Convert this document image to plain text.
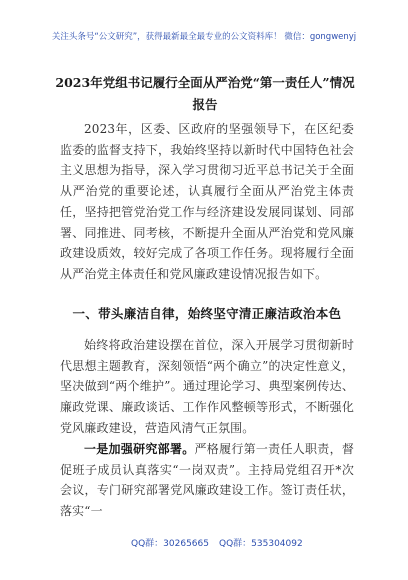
关注头条号“公文研究”，获得最新最全最专业的公文资料库！ 微信：gongwenyj
2023年党组书记履行全面从严治党“第一责任人”情况报告
2023年，区委、区政府的坚强领导下，在区纪委监委的监督支持下，我始终坚持以新时代中国特色社会主义思想为指导，深入学习贯彻习近平总书记关于全面从严治党的重要论述，认真履行全面从严治党主体责任，坚持把管党治党工作与经济建设发展同谋划、同部署、同推进、同考核，不断提升全面从严治党和党风廉政建设质效，较好完成了各项工作任务。现将履行全面从严治党主体责任和党风廉政建设情况报告如下。
一、带头廉洁自律，始终坚守清正廉洁政治本色
始终将政治建设摆在首位，深入开展学习贯彻新时代思想主题教育，深刻领悟“两个确立”的决定性意义，坚决做到“两个维护”。通过理论学习、典型案例传达、廉政党课、廉政谈话、工作作风整顿等形式，不断强化党风廉政建设，营造风清气正氛围。
一是加强研究部署。严格履行第一责任人职责，督促班子成员认真落实“一岗双责”。主持局党组召开*次会议，专门研究部署党风廉政建设工作。签订责任状，落实“一
QQ群：30265665 QQ群：535304092
